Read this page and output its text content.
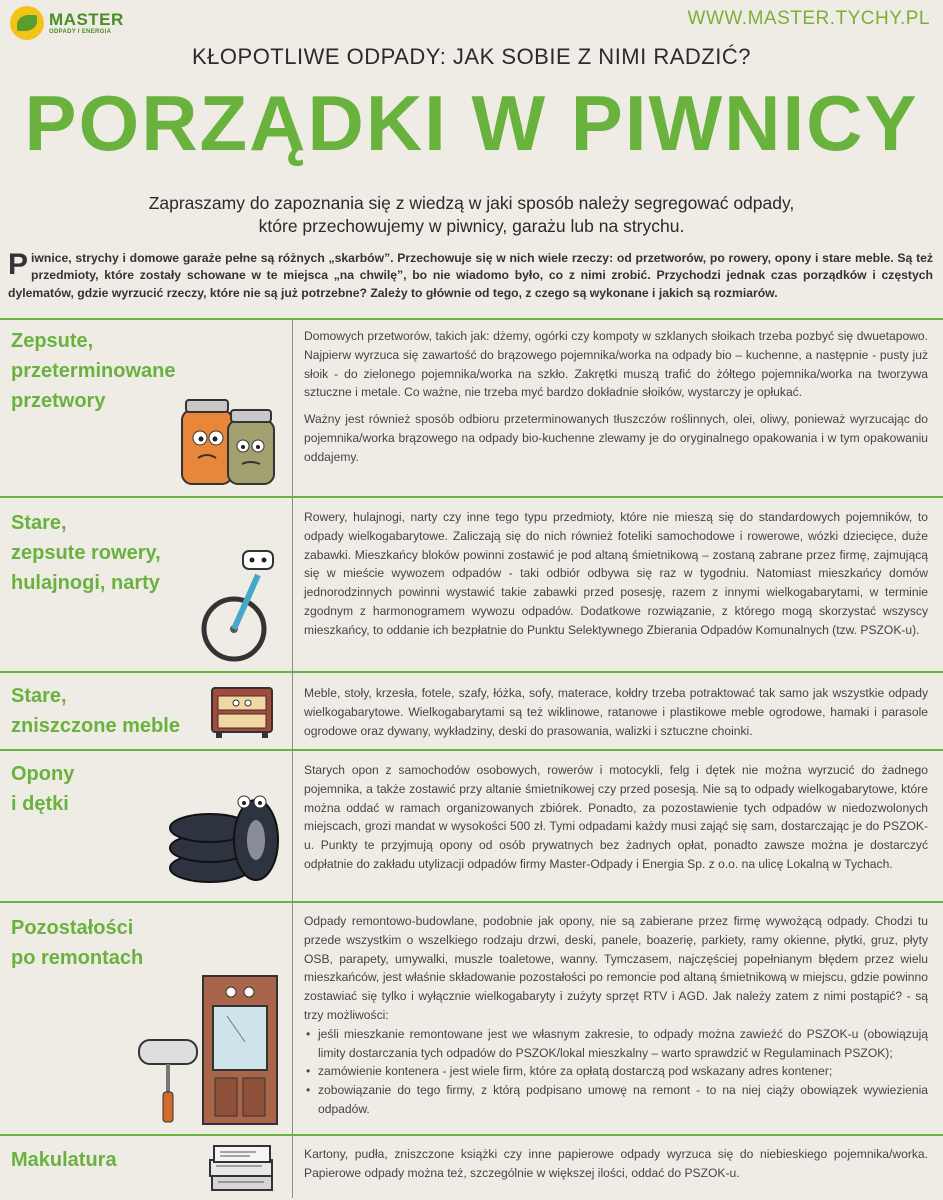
MASTER
ODPADY I ENERGIA
WWW.MASTER.TYCHY.PL
KŁOPOTLIWE ODPADY: JAK SOBIE Z NIMI RADZIĆ?
PORZĄDKI W PIWNICY
Zapraszamy do zapoznania się z wiedzą w jaki sposób należy segregować odpady,
które przechowujemy w piwnicy, garażu lub na strychu.
Piwnice, strychy i domowe garaże pełne są różnych „skarbów”. Przechowuje się w nich wiele rzeczy: od przetworów, po rowery, opony i stare meble. Są też przedmioty, które zostały schowane w te miejsca „na chwilę”, bo nie wiadomo było, co z nimi zrobić. Przychodzi jednak czas porządków i częstych dylematów, gdzie wyrzucić rzeczy, które nie są już potrzebne? Zależy to głównie od tego, z czego są wykonane i jakich są rozmiarów.
Zepsute,
przeterminowane
przetwory

Domowych przetworów, takich jak: dżemy, ogórki czy kompoty w szklanych słoikach trzeba pozbyć się dwuetapowo. Najpierw wyrzuca się zawartość do brązowego pojemnika/worka na odpady bio – kuchenne, a następnie - pusty już słoik - do zielonego pojemnika/worka na szkło. Zakrętki muszą trafić do żółtego pojemnika/worka na tworzywa sztuczne i metale. Co ważne, nie trzeba myć bardzo dokładnie słoików, wystarczy je opłukać.

Ważny jest również sposób odbioru przeterminowanych tłuszczów roślinnych, olei, oliwy, ponieważ wyrzucając do pojemnika/worka brązowego na odpady bio-kuchenne zlewamy je do oryginalnego opakowania i w tym opakowaniu oddajemy.

Stare,
zepsute rowery,
hulajnogi, narty

Rowery, hulajnogi, narty czy inne tego typu przedmioty, które nie mieszą się do standardowych pojemników, to odpady wielkogabarytowe. Zaliczają się do nich również foteliki samochodowe i rowerowe, wózki dziecięce, duże zabawki. Mieszkańcy bloków powinni zostawić je pod altaną śmietnikową – zostaną zabrane przez firmę, zajmującą się w mieście wywozem odpadów - taki odbiór odbywa się raz w tygodniu. Natomiast mieszkańcy domów jednorodzinnych powinni wystawić takie zabawki przed posesję, razem z innymi wielkogabarytami, w terminie zgodnym z harmonogramem wywozu odpadów. Dodatkowe rozwiązanie, z którego mogą skorzystać wszyscy mieszkańcy, to oddanie ich bezpłatnie do Punktu Selektywnego Zbierania Odpadów Komunalnych (tzw. PSZOK-u).

Stare,
zniszczone meble

Meble, stoły, krzesła, fotele, szafy, łóżka, sofy, materace, kołdry trzeba potraktować tak samo jak wszystkie odpady wielkogabarytowe. Wielkogabarytami są też wiklinowe, ratanowe i plastikowe meble ogrodowe, hamaki i parasole ogrodowe oraz dywany, wykładziny, deski do prasowania, walizki i sztuczne choinki.

Opony
i dętki

Starych opon z samochodów osobowych, rowerów i motocykli, felg i dętek nie można wyrzucić do żadnego pojemnika, a także zostawić przy altanie śmietnikowej czy przed posesją. Nie są to odpady wielkogabarytowe, które można oddać w ramach organizowanych zbiórek. Ponadto, za pozostawienie tych odpadów w niedozwolonych miejscach, grozi mandat w wysokości 500 zł. Tymi odpadami każdy musi zająć się sam, dostarczając je do PSZOK-u. Punkty te przyjmują opony od osób prywatnych bez żadnych opłat, ponadto zawsze można je dostarczyć odpłatnie do zakładu utylizacji odpadów firmy Master-Odpady i Energia Sp. z o.o. na ulicę Lokalną w Tychach.

Pozostałości
po remontach

Odpady remontowo-budowlane, podobnie jak opony, nie są zabierane przez firmę wywożącą odpady. Chodzi tu przede wszystkim o wszelkiego rodzaju drzwi, deski, panele, boazerię, parkiety, ramy okienne, płytki, gruz, płyty OSB, parapety, umywalki, muszle toaletowe, wanny. Tymczasem, najczęściej popełnianym błędem przez wielu mieszkańców, jest właśnie składowanie pozostałości po remoncie pod altaną śmietnikową w miejscu, gdzie powinno zostawiać się tylko i wyłącznie wielkogabaryty i zużyty sprzęt RTV i AGD. Jak należy zatem z nimi postąpić? - są trzy możliwości:

• jeśli mieszkanie remontowane jest we własnym zakresie, to odpady można zawieźć do PSZOK-u (obowiązują limity dostarczania tych odpadów do PSZOK/lokal mieszkalny – warto sprawdzić w Regulaminach PSZOK);
• zamówienie kontenera - jest wiele firm, które za opłatą dostarczą pod wskazany adres kontener;
• zobowiązanie do tego firmy, z którą podpisano umowę na remont - to na niej ciąży obowiązek wywiezienia odpadów.
Makulatura	Kartony, pudła, zniszczone książki czy inne papierowe odpady wyrzuca się do niebieskiego pojemnika/worka. Papierowe odpady można też, szczególnie w większej ilości, oddać do PSZOK-u.
